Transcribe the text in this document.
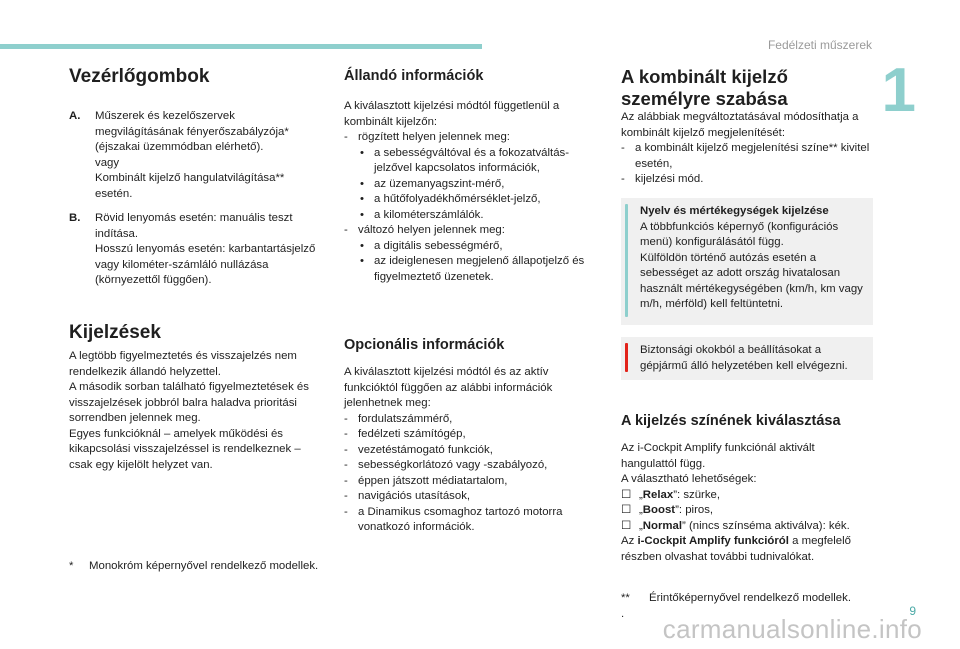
Fedélzeti műszerek
1
Vezérlőgombok
A.	Műszerek és kezelőszervek megvilágításának fényerőszabályzója* (éjszakai üzemmódban elérhető).

vagy

Kombinált kijelző hangulatvilágítása** esetén.

B.	Rövid lenyomás esetén: manuális teszt indítása.

Hosszú lenyomás esetén: karbantartásjelző vagy kilométer-számláló nullázása (környezettől függően).

Kijelzések

A legtöbb figyelmeztetés és visszajelzés nem rendelkezik állandó helyzettel.

A második sorban található figyelmeztetések és visszajelzések jobbról balra haladva prioritási sorrendben jelennek meg.

Egyes funkcióknál – amelyek működési és kikapcsolási visszajelzéssel is rendelkeznek – csak egy kijelölt helyzet van.

*	Monokróm képernyővel rendelkező modellek.
Állandó információk

A kiválasztott kijelzési módtól függetlenül a kombinált kijelzőn:

- rögzített helyen jelennek meg:
• a sebességváltóval és a fokozatváltás-jelzővel kapcsolatos információk,
• az üzemanyagszint-mérő,
• a hűtőfolyadékhőmérséklet-jelző,
• a kilométerszámlálók.
- változó helyen jelennek meg:
• a digitális sebességmérő,
• az ideiglenesen megjelenő állapotjelző és figyelmeztető üzenetek.
Opcionális információk

A kiválasztott kijelzési módtól és az aktív funkcióktól függően az alábbi információk jelenhetnek meg:

- fordulatszámmérő,
- fedélzeti számítógép,
- vezetéstámogató funkciók,
- sebességkorlátozó vagy -szabályozó,
- éppen játszott médiatartalom,
- navigációs utasítások,
- a Dinamikus csomaghoz tartozó motorra vonatkozó információk.
A kombinált kijelző személyre szabása

Az alábbiak megváltoztatásával módosíthatja a kombinált kijelző megjelenítését:

- a kombinált kijelző megjelenítési színe** kivitel esetén,
- kijelzési mód.

Nyelv és mértékegységek kijelzése

A többfunkciós képernyő (konfigurációs menü) konfigurálásától függ.

Külföldön történő autózás esetén a sebességet az adott ország hivatalosan használt mértékegységében (km/h, km vagy m/h, mérföld) kell feltüntetni.

Biztonsági okokból a beállításokat a gépjármű álló helyzetében kell elvégezni.

A kijelzés színének kiválasztása

Az i-Cockpit Amplify funkciónál aktivált hangulattól függ.

A választható lehetőségek:

☐ „Relax”: szürke,
☐ „Boost”: piros,
☐ „Normal” (nincs színséma aktiválva): kék.

Az i-Cockpit Amplify funkcióról a megfelelő részben olvashat további tudnivalókat.

**	Érintőképernyővel rendelkező modellek.
.	9
carmanualsonline.info
